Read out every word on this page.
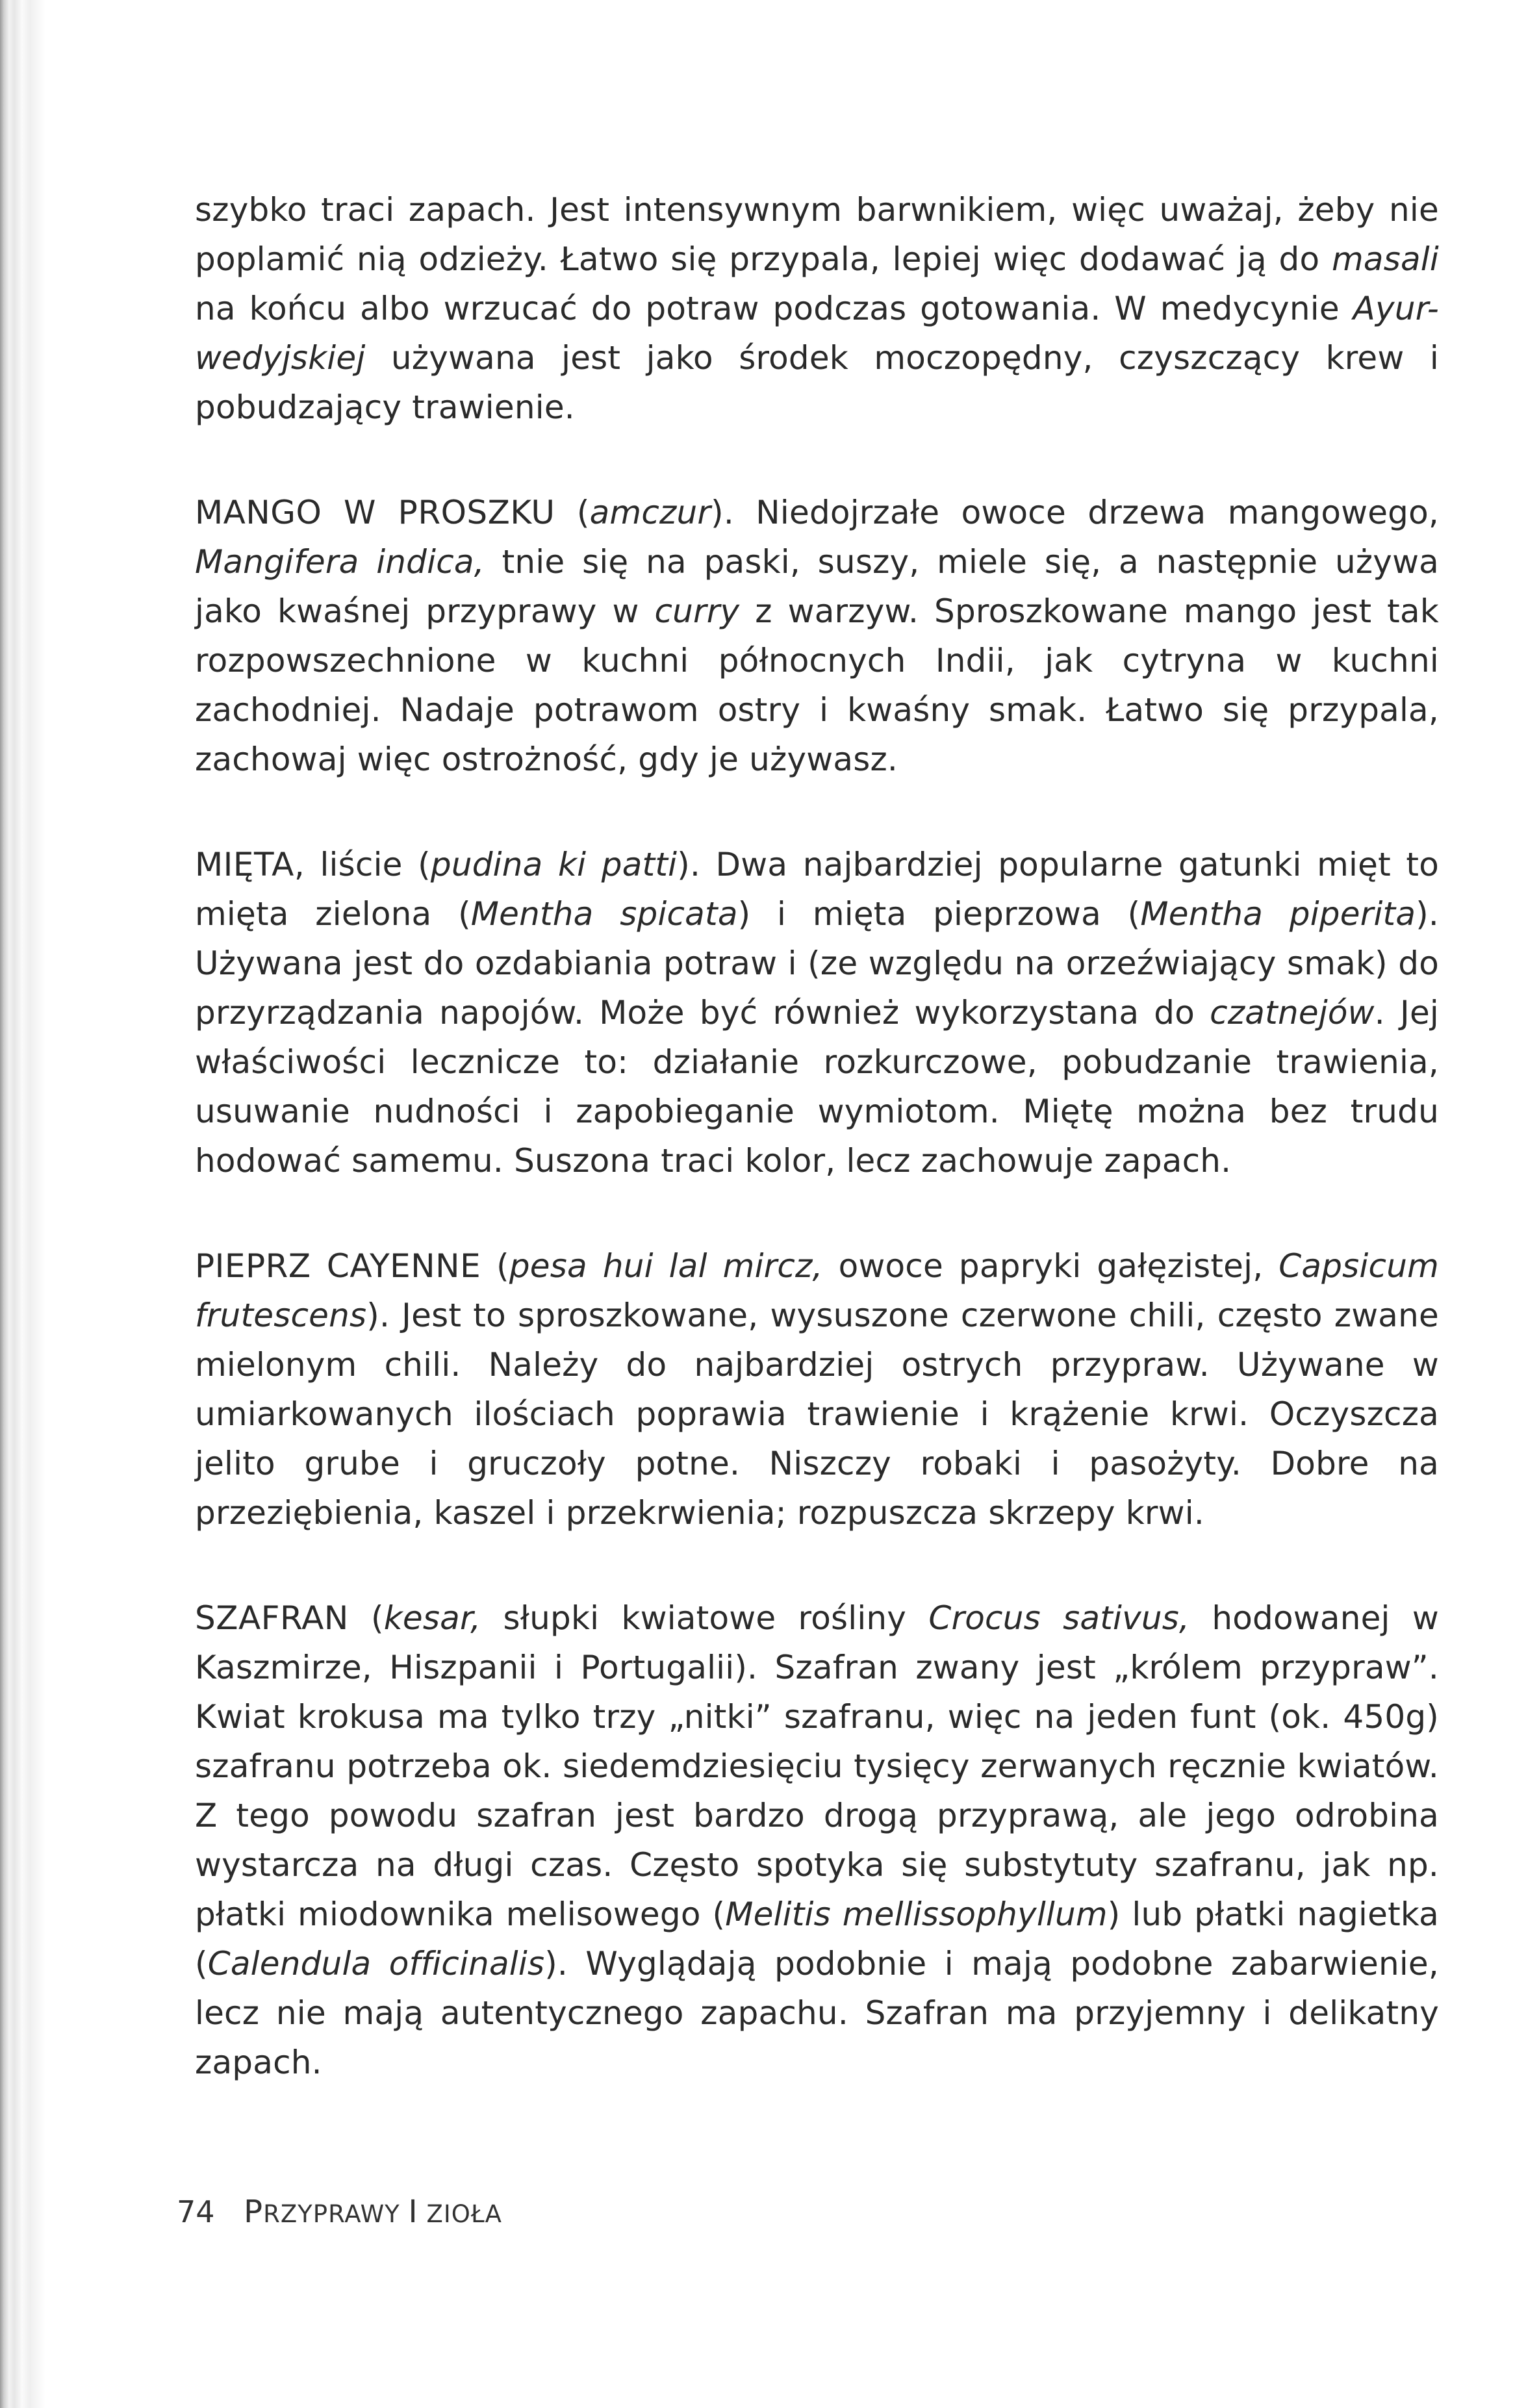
szybko traci zapach. Jest intensywnym barwnikiem, więc uważaj, żeby nie poplamić nią odzieży. Łatwo się przypala, lepiej więc dodawać ją do masali na końcu albo wrzucać do potraw podczas gotowania. W medycynie Ayur-wedyjskiej używana jest jako środek moczopędny, czyszczący krew i pobudzający trawienie.

MANGO W PROSZKU (amczur). Niedojrzałe owoce drzewa mangowego, Mangifera indica, tnie się na paski, suszy, miele się, a następnie używa jako kwaśnej przyprawy w curry z warzyw. Sproszkowane mango jest tak rozpowszechnione w kuchni północnych Indii, jak cytryna w kuchni zachodniej. Nadaje potrawom ostry i kwaśny smak. Łatwo się przypala, zachowaj więc ostrożność, gdy je używasz.

MIĘTA, liście (pudina ki patti). Dwa najbardziej popularne gatunki mięt to mięta zielona (Mentha spicata) i mięta pieprzowa (Mentha piperita). Używana jest do ozdabiania potraw i (ze względu na orzeźwiający smak) do przyrządzania napojów. Może być również wykorzystana do czatnejów. Jej właściwości lecznicze to: działanie rozkurczowe, pobudzanie trawienia, usuwanie nudności i zapobieganie wymiotom. Miętę można bez trudu hodować samemu. Suszona traci kolor, lecz zachowuje zapach.

PIEPRZ CAYENNE (pesa hui lal mircz, owoce papryki gałęzistej, Capsicum frutescens). Jest to sproszkowane, wysuszone czerwone chili, często zwane mielonym chili. Należy do najbardziej ostrych przypraw. Używane w umiarkowanych ilościach poprawia trawienie i krążenie krwi. Oczyszcza jelito grube i gruczoły potne. Niszczy robaki i pasożyty. Dobre na przeziębienia, kaszel i przekrwienia; rozpuszcza skrzepy krwi.

SZAFRAN (kesar, słupki kwiatowe rośliny Crocus sativus, hodowanej w Kaszmirze, Hiszpanii i Portugalii). Szafran zwany jest „królem przypraw”. Kwiat krokusa ma tylko trzy „nitki” szafranu, więc na jeden funt (ok. 450g) szafranu potrzeba ok. siedemdziesięciu tysięcy zerwanych ręcznie kwiatów. Z tego powodu szafran jest bardzo drogą przyprawą, ale jego odrobina wystarcza na długi czas. Często spotyka się substytuty szafranu, jak np. płatki miodownika melisowego (Melitis mellissophyllum) lub płatki nagietka (Calendula officinalis). Wyglądają podobnie i mają podobne zabarwienie, lecz nie mają autentycznego zapachu. Szafran ma przyjemny i delikatny zapach.

74 PRZYPRAWY I ZIOŁA
